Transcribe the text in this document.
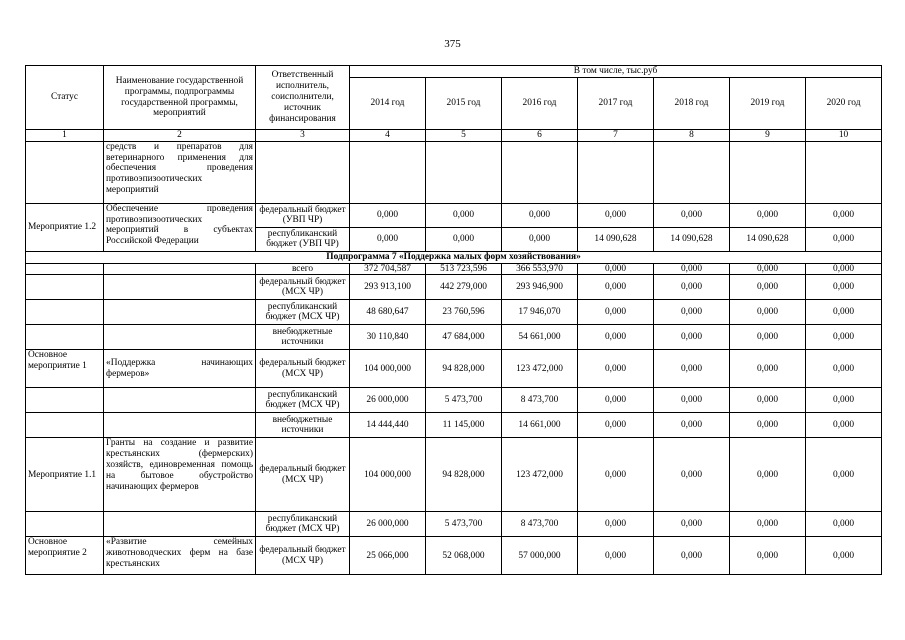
375
Статус	Наименование государственной программы, подпрограммы государственной программы, мероприятий	Ответственный исполнитель, соисполнители, источник финансирования	В том числе, тыс.руб						
			2014 год	2015 год	2016 год	2017 год	2018 год	2019 год	2020 год
1	2	3	4	5	6	7	8	9	10
	средств и препаратов для ветеринарного применения для обеспечения проведения противоэпизоотических мероприятий								
Мероприятие 1.2	Обеспечение проведения противоэпизоотических мероприятий в субъектах Российской Федерации	федеральный бюджет (УВП ЧР)	0,000	0,000	0,000	0,000	0,000	0,000	0,000
		республиканский бюджет (УВП ЧР)	0,000	0,000	0,000	14 090,628	14 090,628	14 090,628	0,000
Подпрограмма 7 «Поддержка малых форм хозяйствования»									
		всего	372 704,587	513 723,596	366 553,970	0,000	0,000	0,000	0,000
		федеральный бюджет (МСХ ЧР)	293 913,100	442 279,000	293 946,900	0,000	0,000	0,000	0,000
		республиканский бюджет (МСХ ЧР)	48 680,647	23 760,596	17 946,070	0,000	0,000	0,000	0,000
		внебюджетные источники	30 110,840	47 684,000	54 661,000	0,000	0,000	0,000	0,000
Основное мероприятие 1	«Поддержка начинающих фермеров»	федеральный бюджет (МСХ ЧР)	104 000,000	94 828,000	123 472,000	0,000	0,000	0,000	0,000
		республиканский бюджет (МСХ ЧР)	26 000,000	5 473,700	8 473,700	0,000	0,000	0,000	0,000
		внебюджетные источники	14 444,440	11 145,000	14 661,000	0,000	0,000	0,000	0,000
Мероприятие 1.1	Гранты на создание и развитие крестьянских (фермерских) хозяйств, единовременная помощь на бытовое обустройство начинающих фермеров	федеральный бюджет (МСХ ЧР)	104 000,000	94 828,000	123 472,000	0,000	0,000	0,000	0,000
		республиканский бюджет (МСХ ЧР)	26 000,000	5 473,700	8 473,700	0,000	0,000	0,000	0,000
Основное мероприятие 2	«Развитие семейных животноводческих ферм на базе крестьянских	федеральный бюджет (МСХ ЧР)	25 066,000	52 068,000	57 000,000	0,000	0,000	0,000	0,000
